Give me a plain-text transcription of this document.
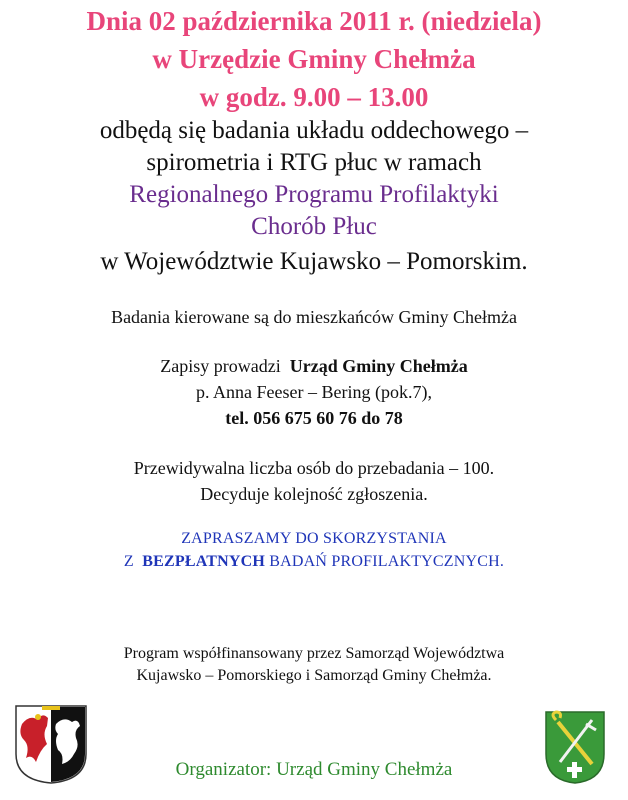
Dnia 02 października 2011 r. (niedziela)
w Urzędzie Gminy Chełmża
w godz. 9.00 – 13.00
odbędą się badania układu oddechowego –
spirometria i RTG płuc w ramach
Regionalnego Programu Profilaktyki
Chorób Płuc
w Województwie Kujawsko – Pomorskim.
Badania kierowane są do mieszkańców Gminy Chełmża
Zapisy prowadzi Urząd Gminy Chełmża
p. Anna Feeser – Bering (pok.7),
tel. 056 675 60 76 do 78
Przewidywalna liczba osób do przebadania – 100.
Decyduje kolejność zgłoszenia.
ZAPRASZAMY DO SKORZYSTANIA
Z BEZPŁATNYCH BADAŃ PROFILAKTYCZNYCH.
Program współfinansowany przez Samorząd Województwa
Kujawsko – Pomorskiego i Samorząd Gminy Chełmża.
Organizator: Urząd Gminy Chełmża
